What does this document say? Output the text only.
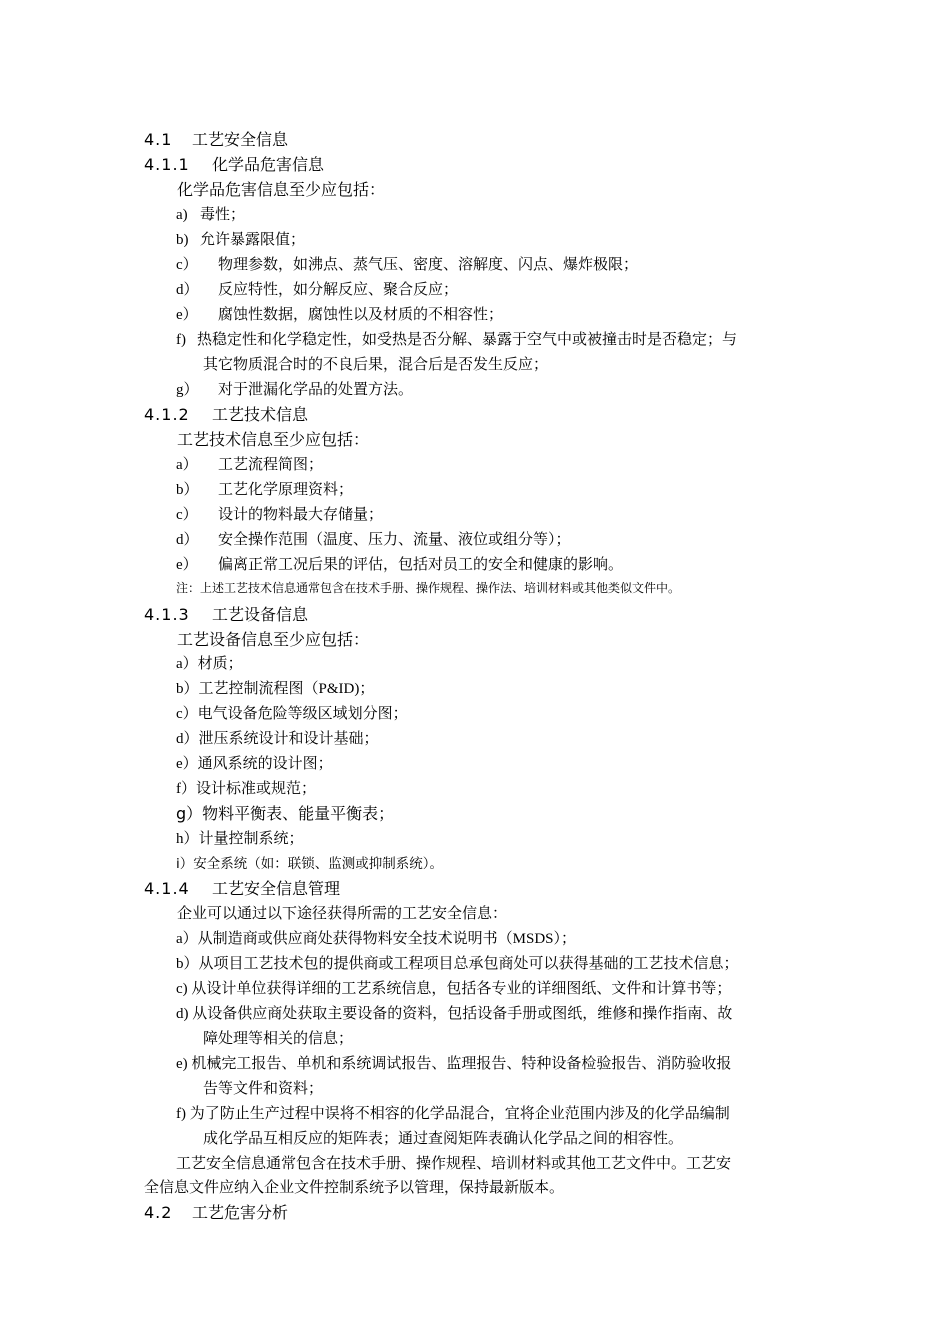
4.1 工艺安全信息
4.1.1 化学品危害信息
化学品危害信息至少应包括：
a) 毒性；
b) 允许暴露限值；
c） 物理参数，如沸点、蒸气压、密度、溶解度、闪点、爆炸极限；
d） 反应特性，如分解反应、聚合反应；
e） 腐蚀性数据，腐蚀性以及材质的不相容性；
f) 热稳定性和化学稳定性，如受热是否分解、暴露于空气中或被撞击时是否稳定；与
其它物质混合时的不良后果，混合后是否发生反应；
g） 对于泄漏化学品的处置方法。
4.1.2 工艺技术信息
工艺技术信息至少应包括：
a） 工艺流程简图；
b） 工艺化学原理资料；
c） 设计的物料最大存储量；
d） 安全操作范围（温度、压力、流量、液位或组分等）；
e） 偏离正常工况后果的评估，包括对员工的安全和健康的影响。
注：上述工艺技术信息通常包含在技术手册、操作规程、操作法、培训材料或其他类似文件中。
4.1.3 工艺设备信息
工艺设备信息至少应包括：
a）材质；
b）工艺控制流程图（P&ID)；
c）电气设备危险等级区域划分图；
d）泄压系统设计和设计基础；
e）通风系统的设计图；
f）设计标准或规范；
g）物料平衡表、能量平衡表；
h）计量控制系统；
i）安全系统（如：联锁、监测或抑制系统）。
4.1.4 工艺安全信息管理
企业可以通过以下途径获得所需的工艺安全信息：
a）从制造商或供应商处获得物料安全技术说明书（MSDS）；
b）从项目工艺技术包的提供商或工程项目总承包商处可以获得基础的工艺技术信息；
c) 从设计单位获得详细的工艺系统信息，包括各专业的详细图纸、文件和计算书等；
d) 从设备供应商处获取主要设备的资料，包括设备手册或图纸，维修和操作指南、故
障处理等相关的信息；
e) 机械完工报告、单机和系统调试报告、监理报告、特种设备检验报告、消防验收报
告等文件和资料；
f) 为了防止生产过程中误将不相容的化学品混合，宜将企业范围内涉及的化学品编制
成化学品互相反应的矩阵表；通过查阅矩阵表确认化学品之间的相容性。
工艺安全信息通常包含在技术手册、操作规程、培训材料或其他工艺文件中。工艺安
全信息文件应纳入企业文件控制系统予以管理，保持最新版本。
4.2 工艺危害分析
